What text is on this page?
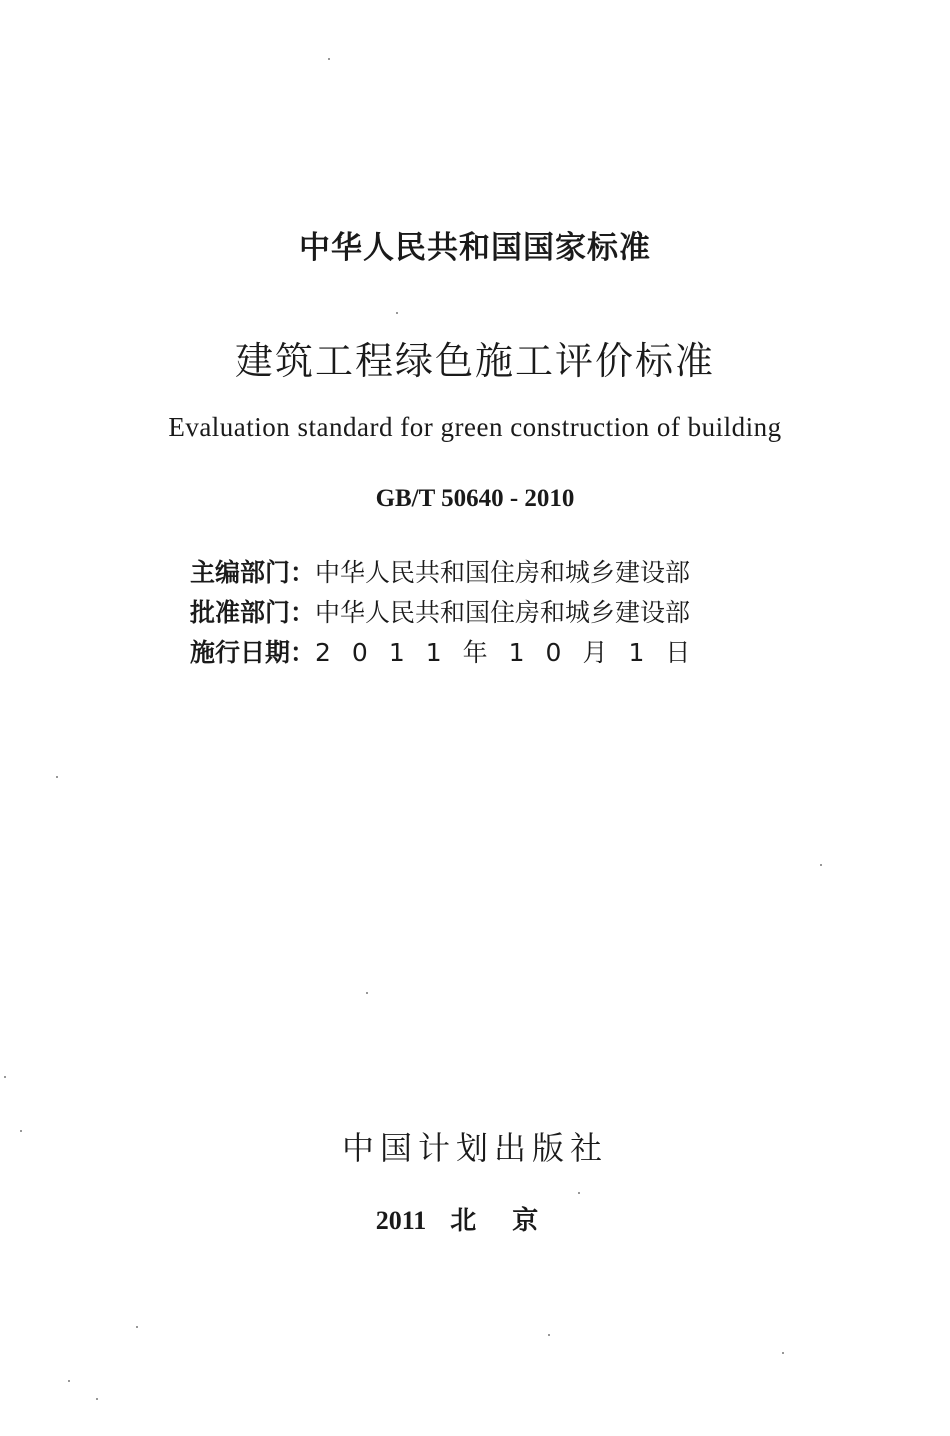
中华人民共和国国家标准
建筑工程绿色施工评价标准
Evaluation standard for green construction of building
GB/T 50640 - 2010
主编部门：中华人民共和国住房和城乡建设部
批准部门：中华人民共和国住房和城乡建设部
施行日期：2011年10月1日
中国计划出版社
2011 北京
